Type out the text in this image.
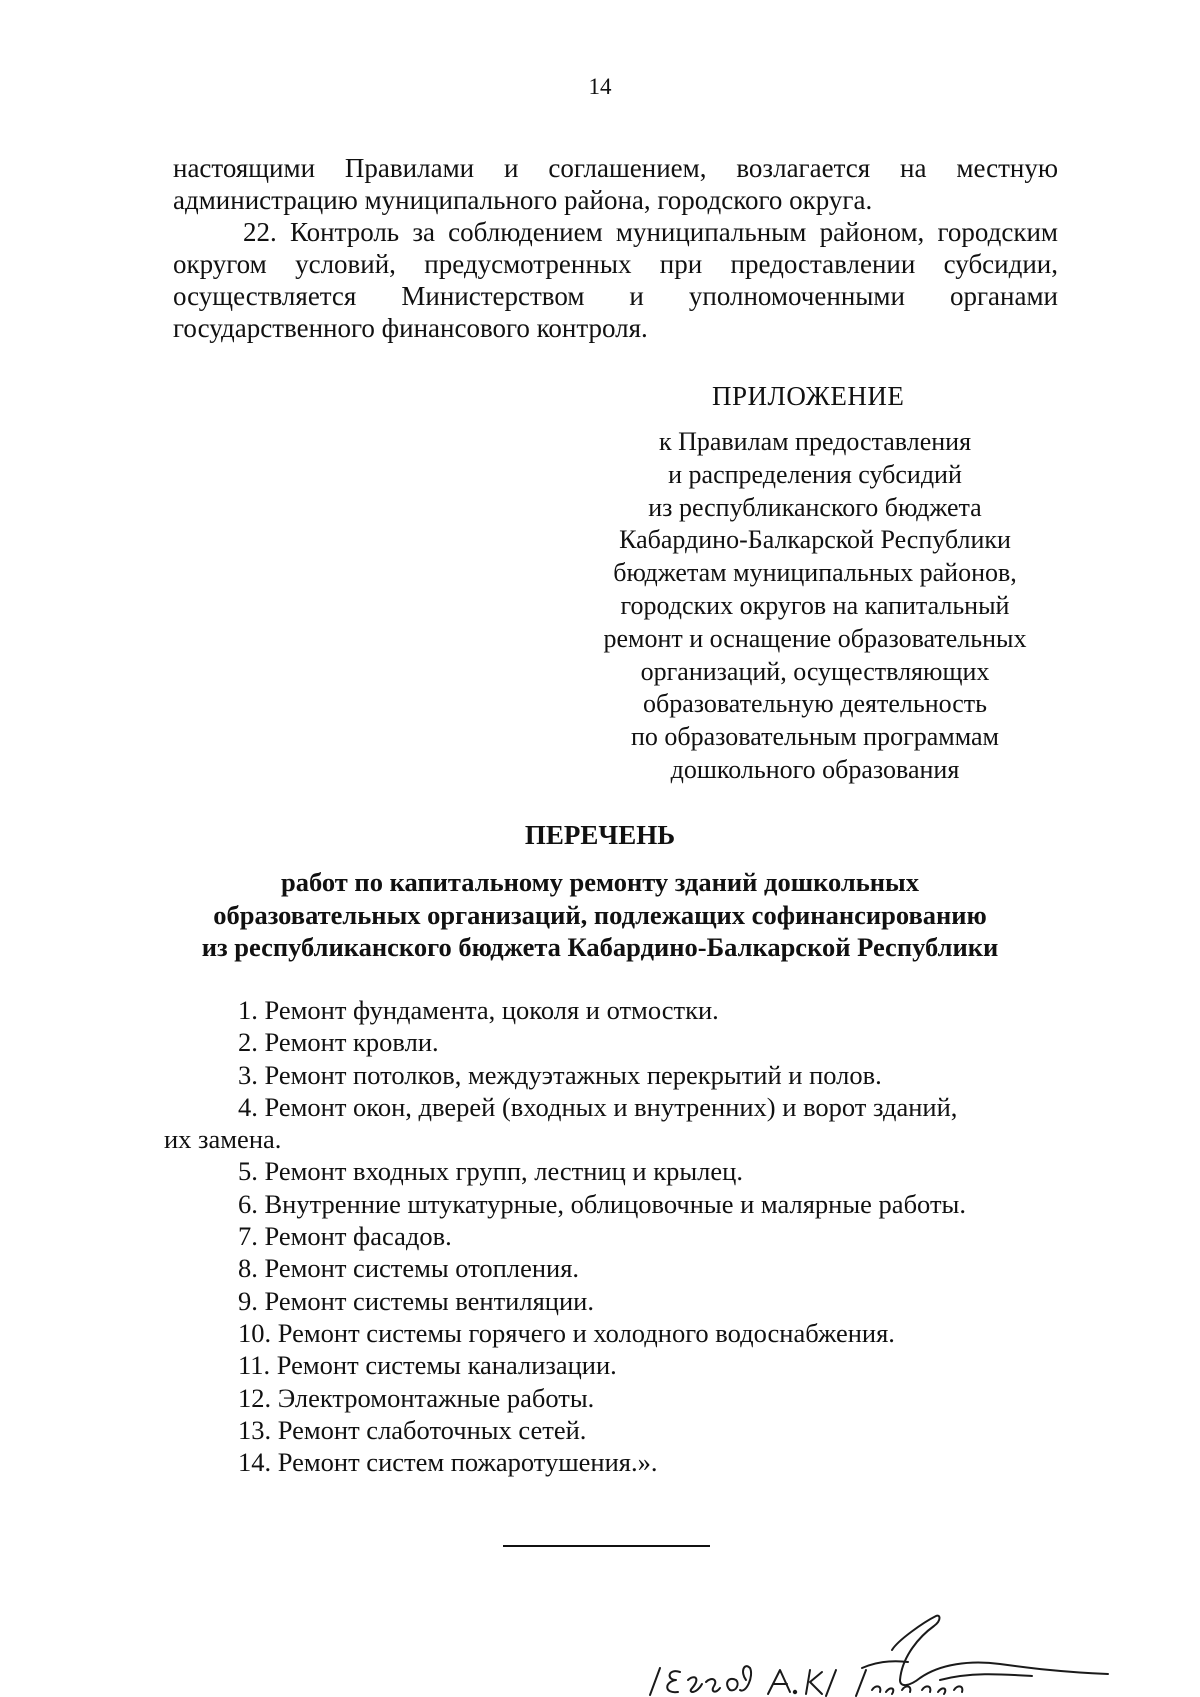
14
настоящими Правилами и соглашением, возлагается на местную администрацию муниципального района, городского округа.
22. Контроль за соблюдением муниципальным районом, городским округом условий, предусмотренных при предоставлении субсидии, осуществляется Министерством и уполномоченными органами государственного финансового контроля.
ПРИЛОЖЕНИЕ
к Правилам предоставления
и распределения субсидий
из республиканского бюджета
Кабардино-Балкарской Республики
бюджетам муниципальных районов,
городских округов на капитальный
ремонт и оснащение образовательных
организаций, осуществляющих
образовательную деятельность
по образовательным программам
дошкольного образования
ПЕРЕЧЕНЬ
работ по капитальному ремонту зданий дошкольных
образовательных организаций, подлежащих софинансированию
из республиканского бюджета Кабардино-Балкарской Республики
1. Ремонт фундамента, цоколя и отмостки.
2. Ремонт кровли.
3. Ремонт потолков, междуэтажных перекрытий и полов.
4. Ремонт окон, дверей (входных и внутренних) и ворот зданий,
их замена.
5. Ремонт входных групп, лестниц и крылец.
6. Внутренние штукатурные, облицовочные и малярные работы.
7. Ремонт фасадов.
8. Ремонт системы отопления.
9. Ремонт системы вентиляции.
10. Ремонт системы горячего и холодного водоснабжения.
11. Ремонт системы канализации.
12. Электромонтажные работы.
13. Ремонт слаботочных сетей.
14. Ремонт систем пожаротушения.».
